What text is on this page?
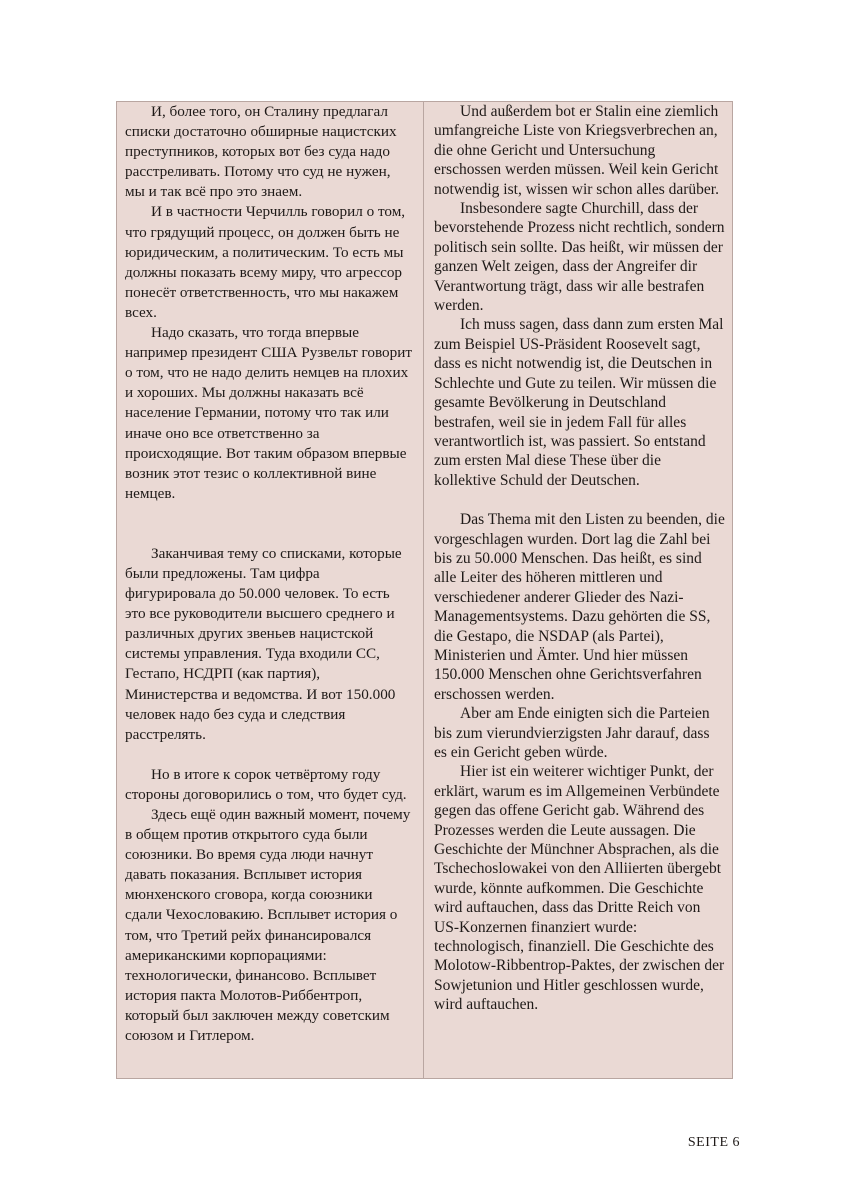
И, более того, он Сталину предлагал списки достаточно обширные нацистских преступников, которых вот без суда надо расстреливать. Потому что суд не нужен, мы и так всё про это знаем.

И в частности Черчилль говорил о том, что грядущий процесс, он должен быть не юридическим, а политическим. То есть мы должны показать всему миру, что агрессор понесёт ответственность, что мы накажем всех.

Надо сказать, что тогда впервые например президент США Рузвельт говорит о том, что не надо делить немцев на плохих и хороших. Мы должны наказать всё население Германии, потому что так или иначе оно все ответственно за происходящие. Вот таким образом впервые возник этот тезис о коллективной вине немцев.

Заканчивая тему со списками, которые были предложены. Там цифра фигурировала до 50.000 человек. То есть это все руководители высшего среднего и различных других звеньев нацистской системы управления. Туда входили СС, Гестапо, НСДРП (как партия), Министерства и ведомства. И вот 150.000 человек надо без суда и следствия расстрелять.

Но в итоге к сорок четвёртому году стороны договорились о том, что будет суд.

Здесь ещё один важный момент, почему в общем против открытого суда были союзники. Во время суда люди начнут давать показания. Всплывет история мюнхенского сговора, когда союзники сдали Чехословакию. Всплывет история о том, что Третий рейх финансировался американскими корпорациями: технологически, финансово. Всплывет история пакта Молотов-Риббентроп, который был заключен между советским союзом и Гитлером.

Und außerdem bot er Stalin eine ziemlich umfangreiche Liste von Kriegsverbrechen an, die ohne Gericht und Untersuchung erschossen werden müssen. Weil kein Gericht notwendig ist, wissen wir schon alles darüber.

Insbesondere sagte Churchill, dass der bevorstehende Prozess nicht rechtlich, sondern politisch sein sollte. Das heißt, wir müssen der ganzen Welt zeigen, dass der Angreifer dir Verantwortung trägt, dass wir alle bestrafen werden.

Ich muss sagen, dass dann zum ersten Mal zum Beispiel US-Präsident Roosevelt sagt, dass es nicht notwendig ist, die Deutschen in Schlechte und Gute zu teilen. Wir müssen die gesamte Bevölkerung in Deutschland bestrafen, weil sie in jedem Fall für alles verantwortlich ist, was passiert. So entstand zum ersten Mal diese These über die kollektive Schuld der Deutschen.

Das Thema mit den Listen zu beenden, die vorgeschlagen wurden. Dort lag die Zahl bei bis zu 50.000 Menschen. Das heißt, es sind alle Leiter des höheren mittleren und verschiedener anderer Glieder des Nazi-Managementsystems. Dazu gehörten die SS, die Gestapo, die NSDAP (als Partei), Ministerien und Ämter. Und hier müssen 150.000 Menschen ohne Gerichtsverfahren erschossen werden.

Aber am Ende einigten sich die Parteien bis zum vierundvierzigsten Jahr darauf, dass es ein Gericht geben würde.

Hier ist ein weiterer wichtiger Punkt, der erklärt, warum es im Allgemeinen Verbündete gegen das offene Gericht gab. Während des Prozesses werden die Leute aussagen. Die Geschichte der Münchner Absprachen, als die Tschechoslowakei von den Alliierten übergebt wurde, könnte aufkommen. Die Geschichte wird auftauchen, dass das Dritte Reich von US-Konzernen finanziert wurde: technologisch, finanziell. Die Geschichte des Molotow-Ribbentrop-Paktes, der zwischen der Sowjetunion und Hitler geschlossen wurde, wird auftauchen.

SEITE 6
